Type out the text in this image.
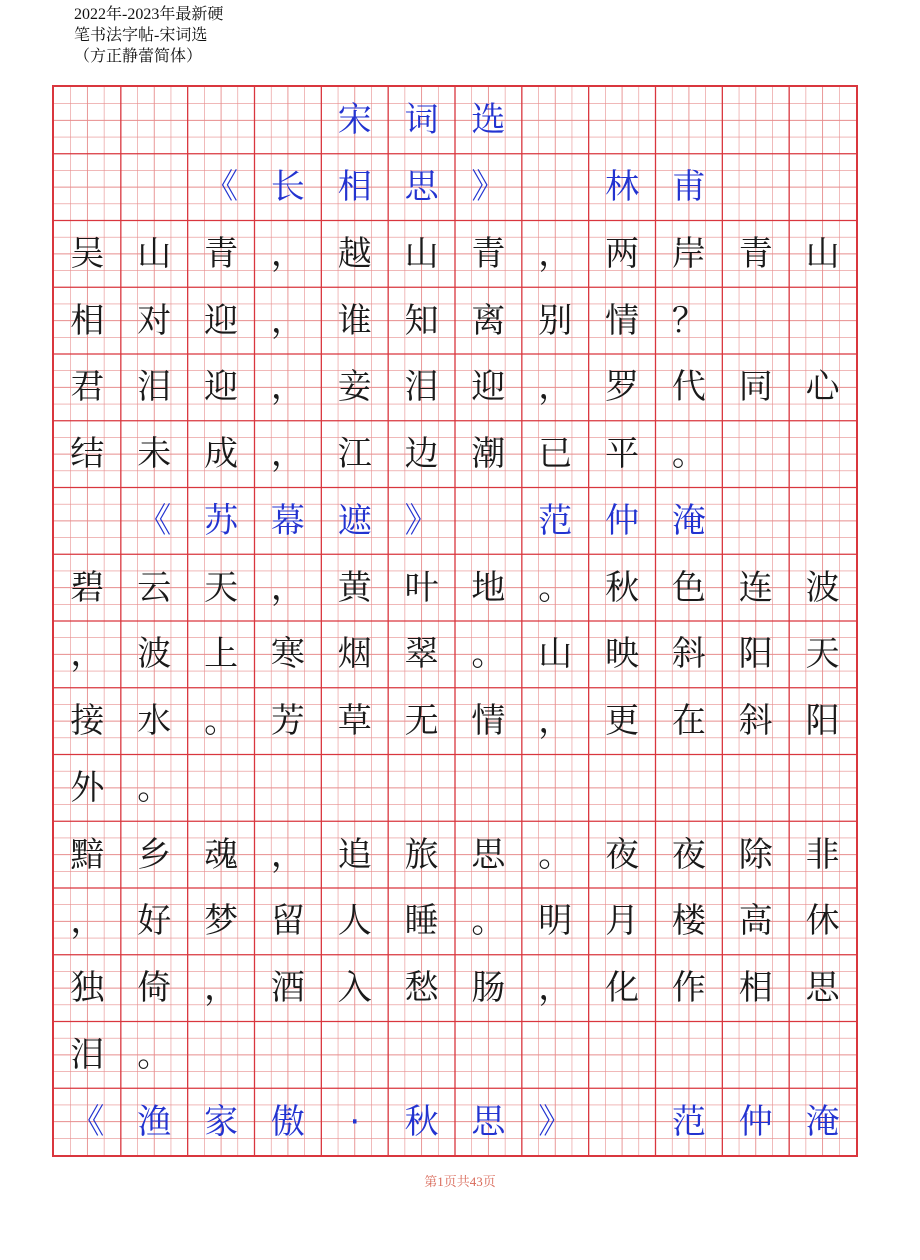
2022年-2023年最新硬笔书法字帖-宋词选（方正静蕾简体）
宋 词 选
《 长 相 思 》	林 甫
吴 山 青 ， 越 山 青 ， 两 岸 青 山
相 对 迎 ， 谁 知 离 别 情 ？
君 泪 迎 ， 妾 泪 迎 ， 罗 代 同 心
结 未 成 ， 江 边 潮 已 平 。
《 苏 幕 遮 》	范 仲 淹
碧 云 天 ， 黄 叶 地 。 秋 色 连 波
， 波 上 寒 烟 翠 。 山 映 斜 阳 天
接 水 。 芳 草 无 情 ， 更 在 斜 阳
外 。
黯 乡 魂 ， 追 旅 思 。 夜 夜 除 非
， 好 梦 留 人 睡 。 明 月 楼 高 休
独 倚 ， 酒 入 愁 肠 ， 化 作 相 思
泪 。
《 渔 家 傲	·	秋 思 》	范 仲 淹
第1页共43页
